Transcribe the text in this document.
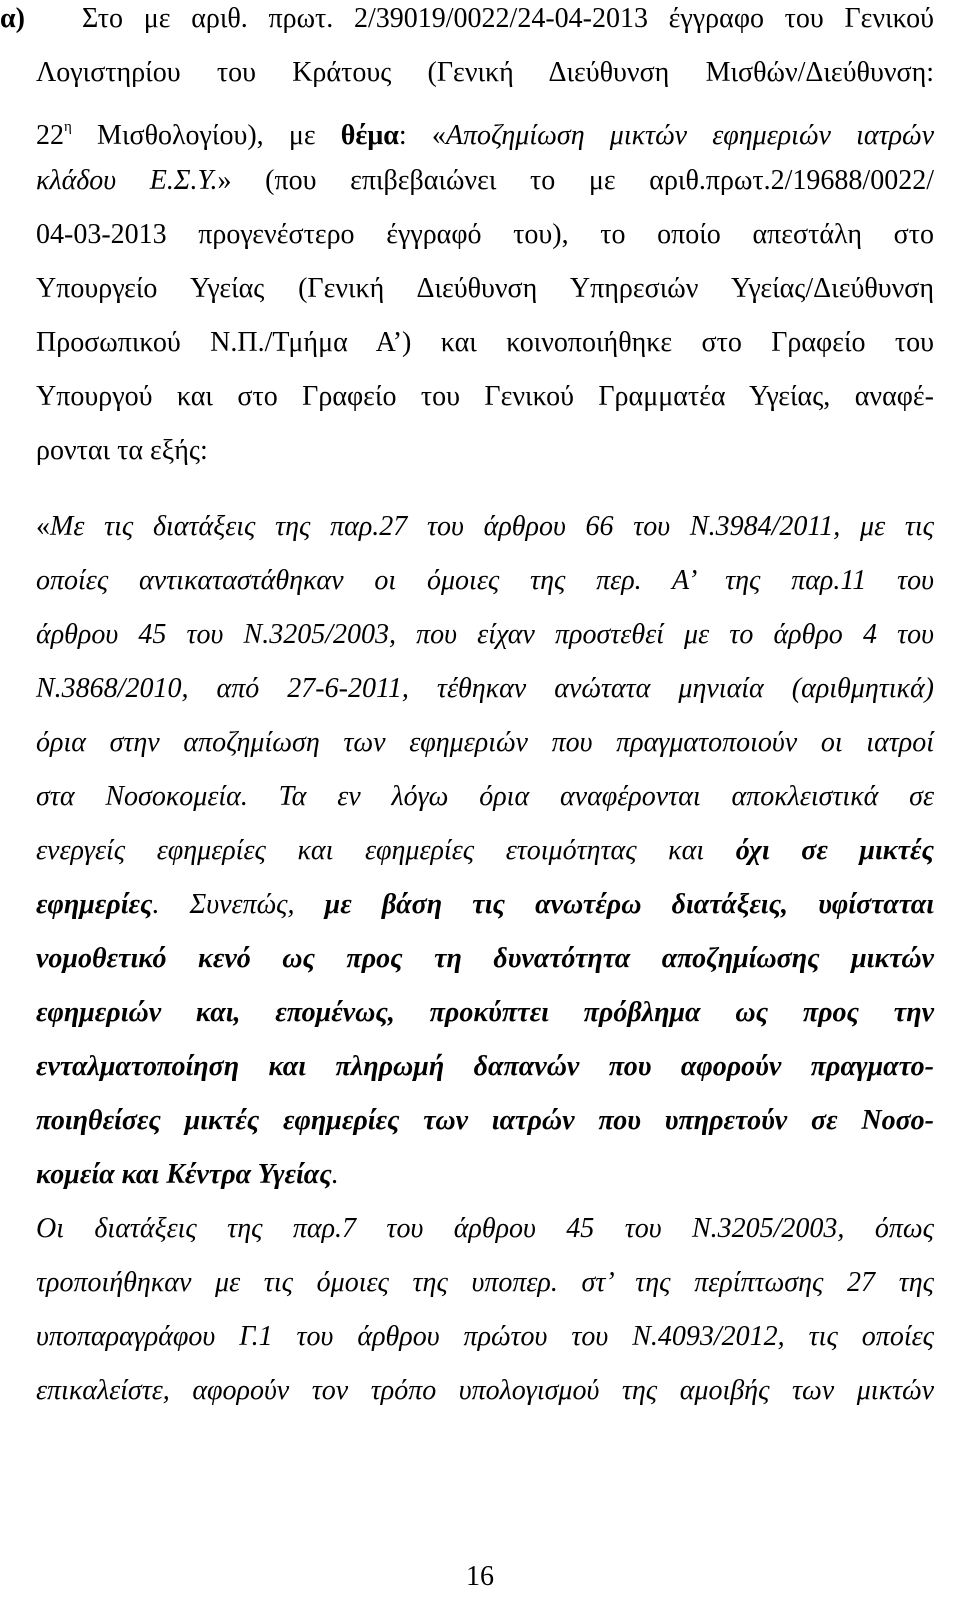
α) Στο με αριθ. πρωτ. 2/39019/0022/24-04-2013 έγγραφο του Γενικού
Λογιστηρίου του Κράτους (Γενική Διεύθυνση Μισθών/Διεύθυνση:
$22^\eta$ Μισθολογίου), με θέμα: «Αποζημίωση μικτών εφημεριών ιατρών
κλάδου Ε.Σ.Υ.» (που επιβεβαιώνει το με αριθ.πρωτ.2/19688/0022/
04-03-2013 προγενέστερο έγγραφό του), το οποίο απεστάλη στο
Υπουργείο Υγείας (Γενική Διεύθυνση Υπηρεσιών Υγείας/Διεύθυνση
Προσωπικού Ν.Π./Τμήμα Α’) και κοινοποιήθηκε στο Γραφείο του
Υπουργού και στο Γραφείο του Γενικού Γραμματέα Υγείας, αναφέ-
ρονται τα εξής:
«Με τις διατάξεις της παρ.27 του άρθρου 66 του Ν.3984/2011, με τις
οποίες αντικαταστάθηκαν οι όμοιες της περ. Α’ της παρ.11 του
άρθρου 45 του Ν.3205/2003, που είχαν προστεθεί με το άρθρο 4 του
Ν.3868/2010, από 27-6-2011, τέθηκαν ανώτατα μηνιαία (αριθμητικά)
όρια στην αποζημίωση των εφημεριών που πραγματοποιούν οι ιατροί
στα Νοσοκομεία. Τα εν λόγω όρια αναφέρονται αποκλειστικά σε
ενεργείς εφημερίες και εφημερίες ετοιμότητας και όχι σε μικτές
εφημερίες. Συνεπώς, με βάση τις ανωτέρω διατάξεις, υφίσταται
νομοθετικό κενό ως προς τη δυνατότητα αποζημίωσης μικτών
εφημεριών και, επομένως, προκύπτει πρόβλημα ως προς την
ενταλματοποίηση και πληρωμή δαπανών που αφορούν πραγματο-
ποιηθείσες μικτές εφημερίες των ιατρών που υπηρετούν σε Νοσο-
κομεία και Κέντρα Υγείας.
Οι διατάξεις της παρ.7 του άρθρου 45 του Ν.3205/2003, όπως
τροποιήθηκαν με τις όμοιες της υποπερ. στ’ της περίπτωσης 27 της
υποπαραγράφου Γ.1 του άρθρου πρώτου του Ν.4093/2012, τις οποίες
επικαλείστε, αφορούν τον τρόπο υπολογισμού της αμοιβής των μικτών
16
